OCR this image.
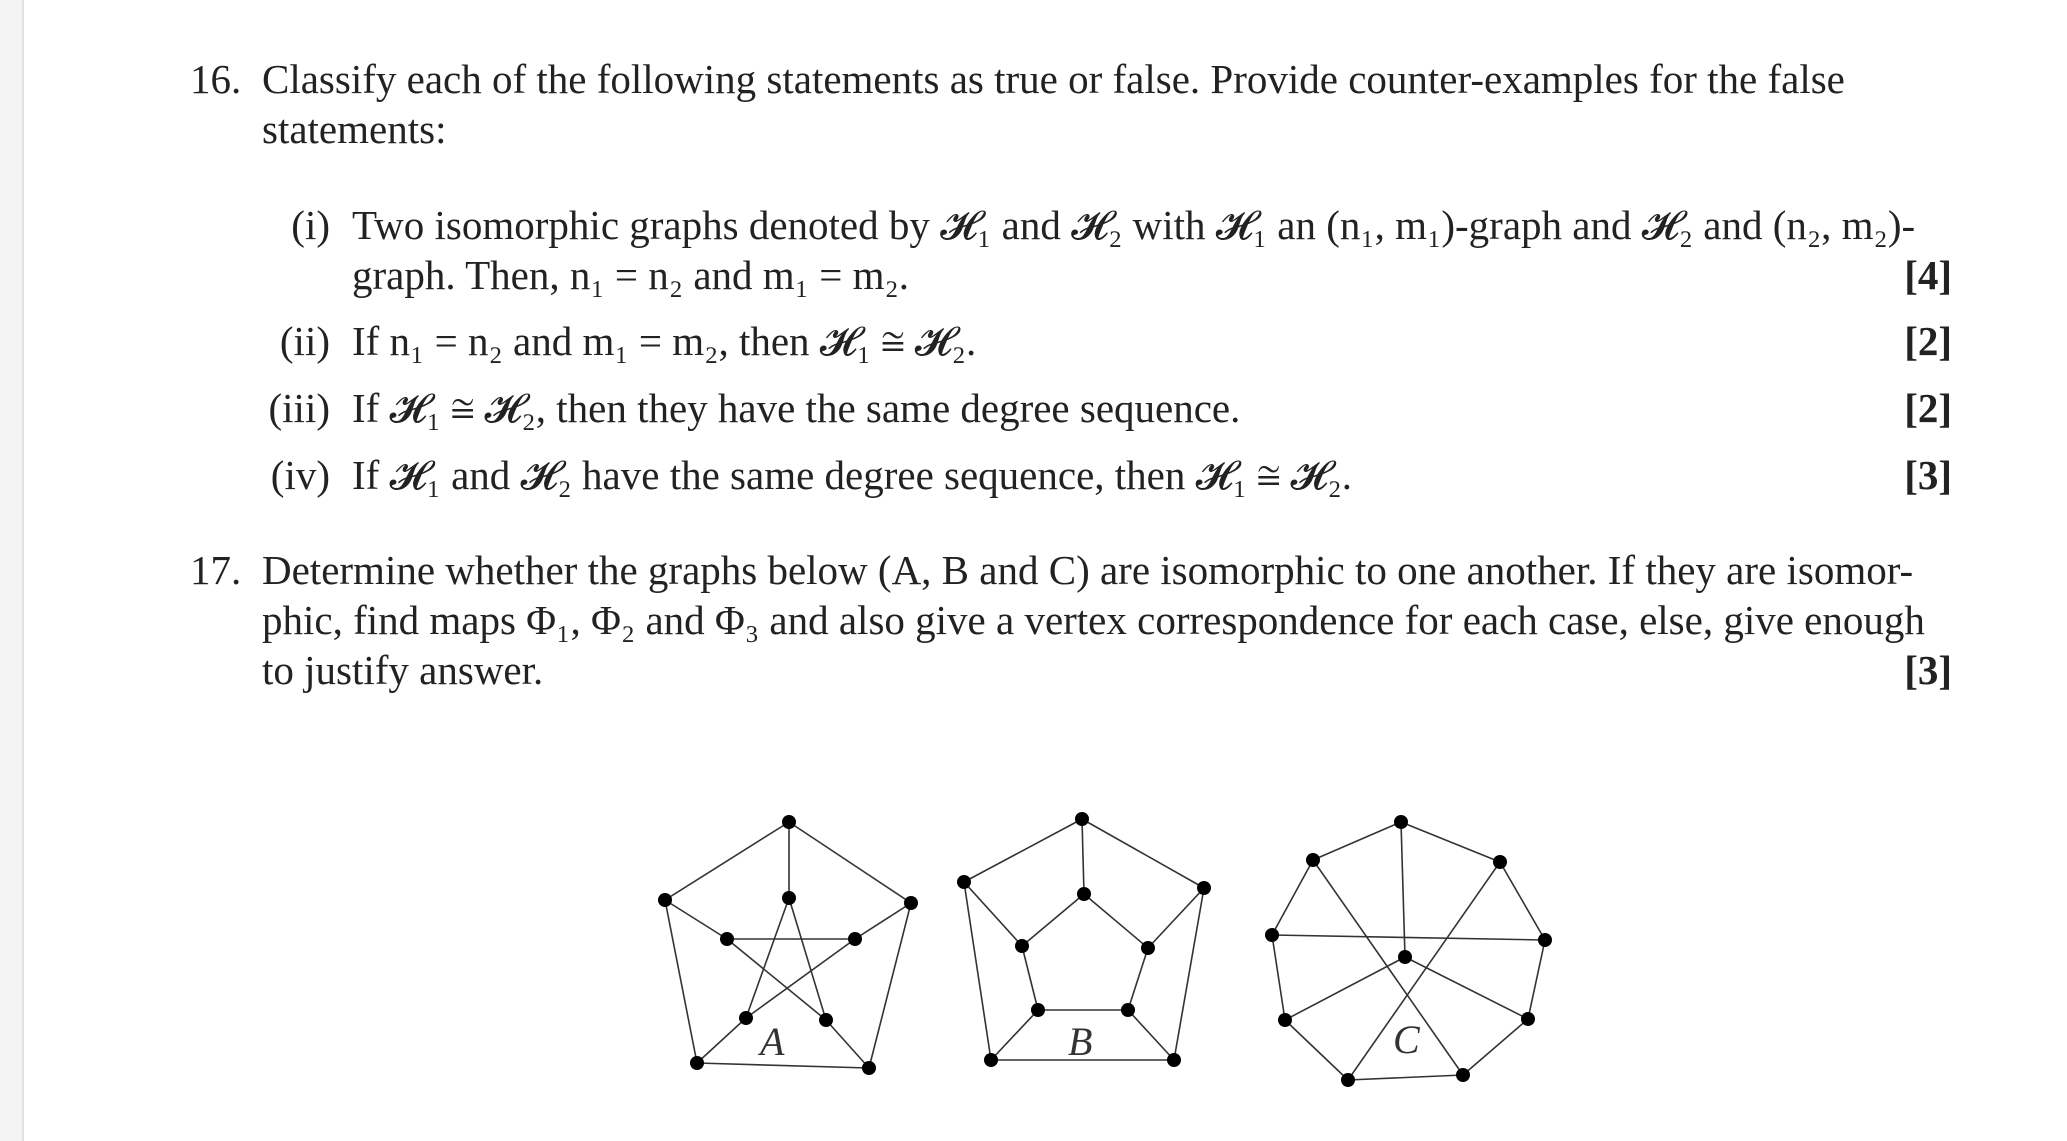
16. Classify each of the following statements as true or false. Provide counter-examples for the false
statements:
(i) Two isomorphic graphs denoted by 𝓗₁ and 𝓗₂ with 𝓗₁ an (n₁, m₁)-graph and 𝓗₂ and (n₂, m₂)-
graph. Then, n₁ = n₂ and m₁ = m₂.	[4]
(ii) If n₁ = n₂ and m₁ = m₂, then 𝓗₁ ≅ 𝓗₂.	[2]
(iii) If 𝓗₁ ≅ 𝓗₂, then they have the same degree sequence.	[2]
(iv) If 𝓗₁ and 𝓗₂ have the same degree sequence, then 𝓗₁ ≅ 𝓗₂.	[3]
17. Determine whether the graphs below (A, B and C) are isomorphic to one another. If they are isomor-
phic, find maps Φ₁, Φ₂ and Φ₃ and also give a vertex correspondence for each case, else, give enough
to justify answer.	[3]
A	B	C
